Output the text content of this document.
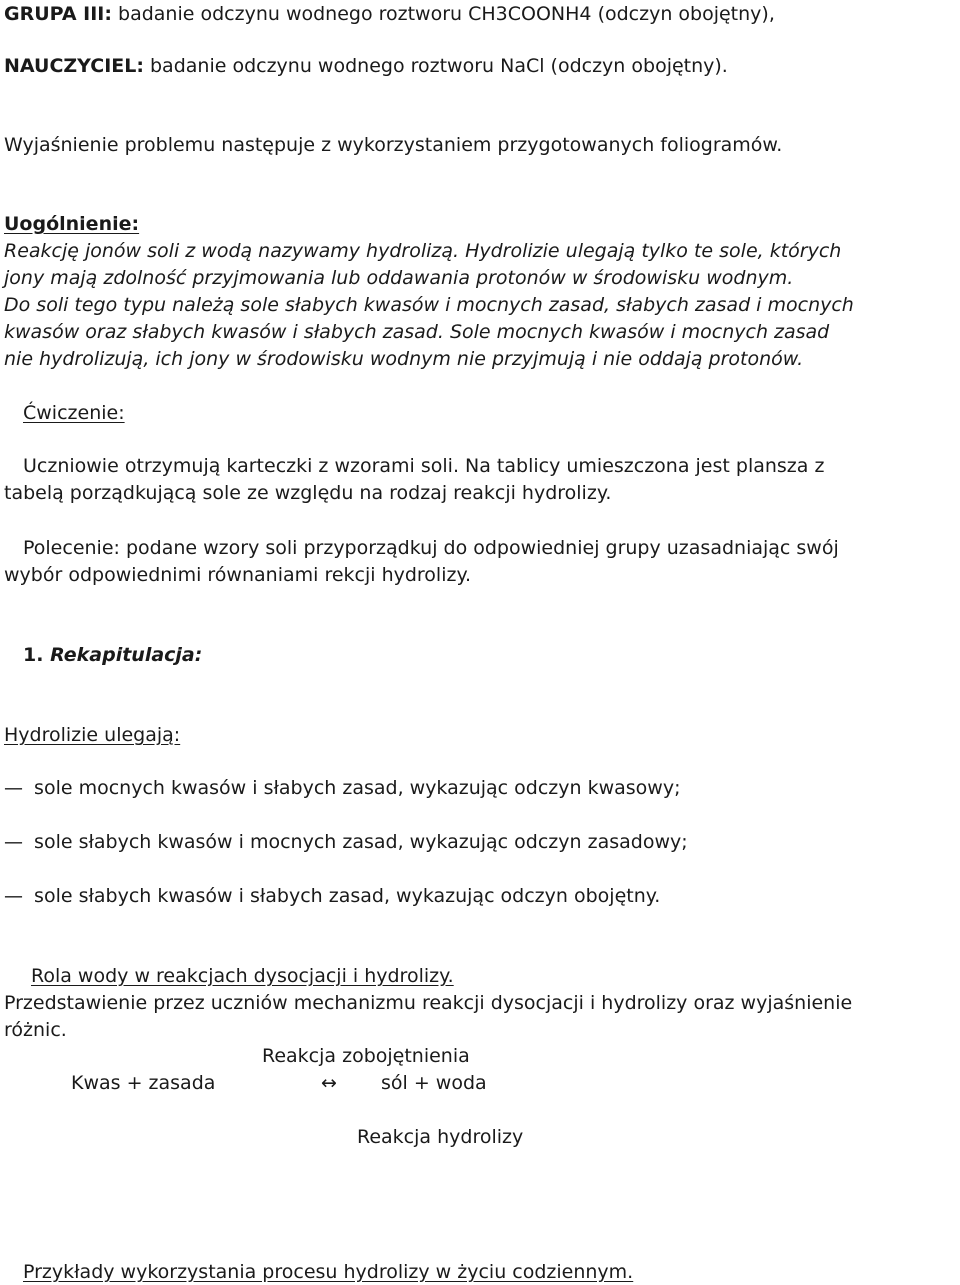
GRUPA III: badanie odczynu wodnego roztworu CH3COONH4 (odczyn obojętny),
NAUCZYCIEL: badanie odczynu wodnego roztworu NaCl (odczyn obojętny).
Wyjaśnienie problemu następuje z wykorzystaniem przygotowanych foliogramów.
Uogólnienie:
Reakcję jonów soli z wodą nazywamy hydrolizą. Hydrolizie ulegają tylko te sole, których
jony mają zdolność przyjmowania lub oddawania protonów w środowisku wodnym.
Do soli tego typu należą sole słabych kwasów i mocnych zasad, słabych zasad i mocnych
kwasów oraz słabych kwasów i słabych zasad. Sole mocnych kwasów i mocnych zasad
nie hydrolizują, ich jony w środowisku wodnym nie przyjmują i nie oddają protonów.
Ćwiczenie:
Uczniowie otrzymują karteczki z wzorami soli. Na tablicy umieszczona jest plansza z
tabelą porządkującą sole ze względu na rodzaj reakcji hydrolizy.
Polecenie: podane wzory soli przyporządkuj do odpowiedniej grupy uzasadniając swój
wybór odpowiednimi równaniami rekcji hydrolizy.
1. Rekapitulacja:
Hydrolizie ulegają:
— sole mocnych kwasów i słabych zasad, wykazując odczyn kwasowy;
— sole słabych kwasów i mocnych zasad, wykazując odczyn zasadowy;
— sole słabych kwasów i słabych zasad, wykazując odczyn obojętny.
Rola wody w reakcjach dysocjacji i hydrolizy.
Przedstawienie przez uczniów mechanizmu reakcji dysocjacji i hydrolizy oraz wyjaśnienie
różnic.
Reakcja zobojętnienia
Kwas + zasada	↔ sól + woda
Reakcja hydrolizy
Przykłady wykorzystania procesu hydrolizy w życiu codziennym.
